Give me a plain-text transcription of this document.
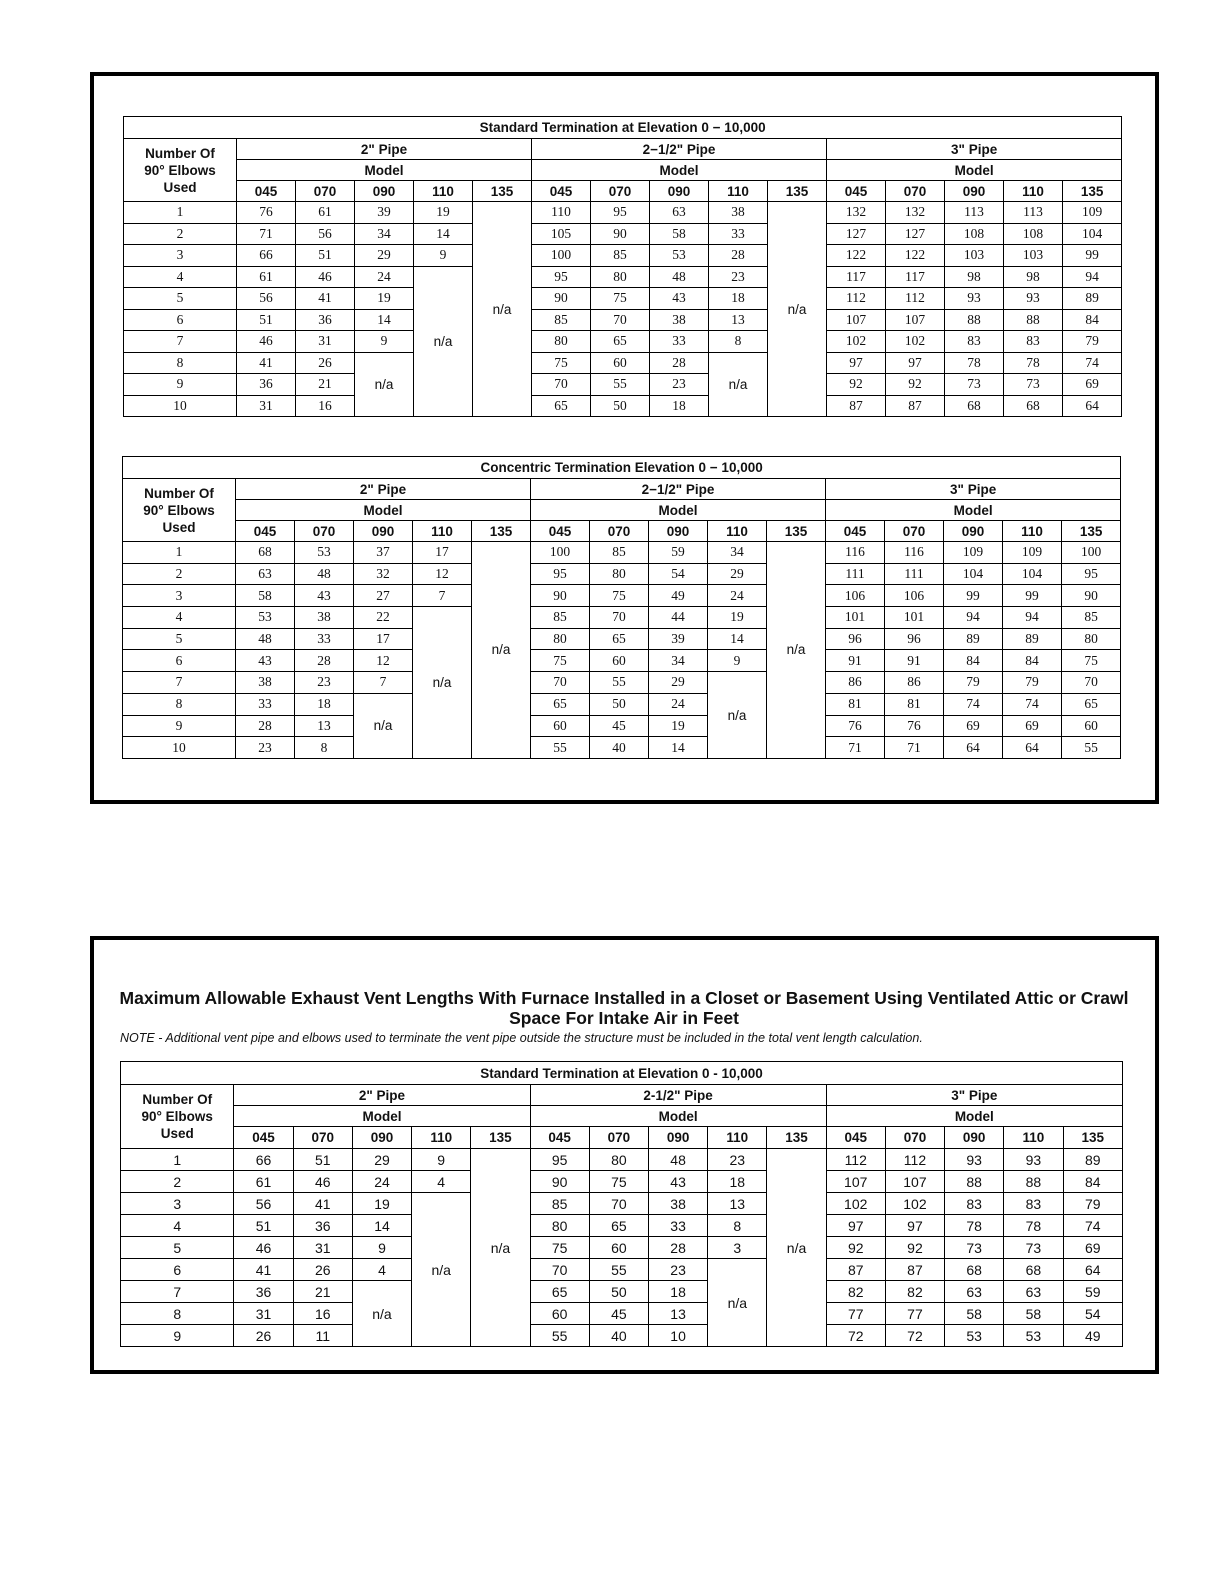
Maximum Allowable Exhaust Vent Lengths With Furnace Installed in a Closet or Basement Using Ventilated Attic or Crawl Space For Intake Air in Feet
NOTE - Additional vent pipe and elbows used to terminate the vent pipe outside the structure must be included in the total vent length calculation.
Standard Termination at Elevation 0 − 10,000															

Number Of
90° Elbows
Used	2" Pipe					2−1/2" Pipe					3" Pipe				
	Model					Model					Model				
	045	070	090	110	135	045	070	090	110	135	045	070	090	110	135
1	76	61	39	19	n/a	110	95	63	38	n/a	132	132	113	113	109
2	71	56	34	14		105	90	58	33		127	127	108	108	104
3	66	51	29	9		100	85	53	28		122	122	103	103	99
4	61	46	24	n/a		95	80	48	23		117	117	98	98	94
5	56	41	19			90	75	43	18		112	112	93	93	89
6	51	36	14			85	70	38	13		107	107	88	88	84
7	46	31	9			80	65	33	8		102	102	83	83	79
8	41	26	n/a			75	60	28	n/a		97	97	78	78	74
9	36	21				70	55	23			92	92	73	73	69
10	31	16				65	50	18			87	87	68	68	64
Concentric Termination Elevation 0 − 10,000															

Number Of
90° Elbows
Used	2" Pipe					2−1/2" Pipe					3" Pipe				
	Model					Model					Model				
	045	070	090	110	135	045	070	090	110	135	045	070	090	110	135
1	68	53	37	17	n/a	100	85	59	34	n/a	116	116	109	109	100
2	63	48	32	12		95	80	54	29		111	111	104	104	95
3	58	43	27	7		90	75	49	24		106	106	99	99	90
4	53	38	22	n/a		85	70	44	19		101	101	94	94	85
5	48	33	17			80	65	39	14		96	96	89	89	80
6	43	28	12			75	60	34	9		91	91	84	84	75
7	38	23	7			70	55	29	n/a		86	86	79	79	70
8	33	18	n/a			65	50	24			81	81	74	74	65
9	28	13				60	45	19			76	76	69	69	60
10	23	8				55	40	14			71	71	64	64	55
Standard Termination at Elevation 0 - 10,000															

Number Of
90° Elbows
Used	2" Pipe					2-1/2" Pipe					3" Pipe				
	Model					Model					Model				
	045	070	090	110	135	045	070	090	110	135	045	070	090	110	135
1	66	51	29	9	n/a	95	80	48	23	n/a	112	112	93	93	89
2	61	46	24	4		90	75	43	18		107	107	88	88	84
3	56	41	19	n/a		85	70	38	13		102	102	83	83	79
4	51	36	14			80	65	33	8		97	97	78	78	74
5	46	31	9			75	60	28	3		92	92	73	73	69
6	41	26	4			70	55	23	n/a		87	87	68	68	64
7	36	21	n/a			65	50	18			82	82	63	63	59
8	31	16				60	45	13			77	77	58	58	54
9	26	11				55	40	10			72	72	53	53	49
